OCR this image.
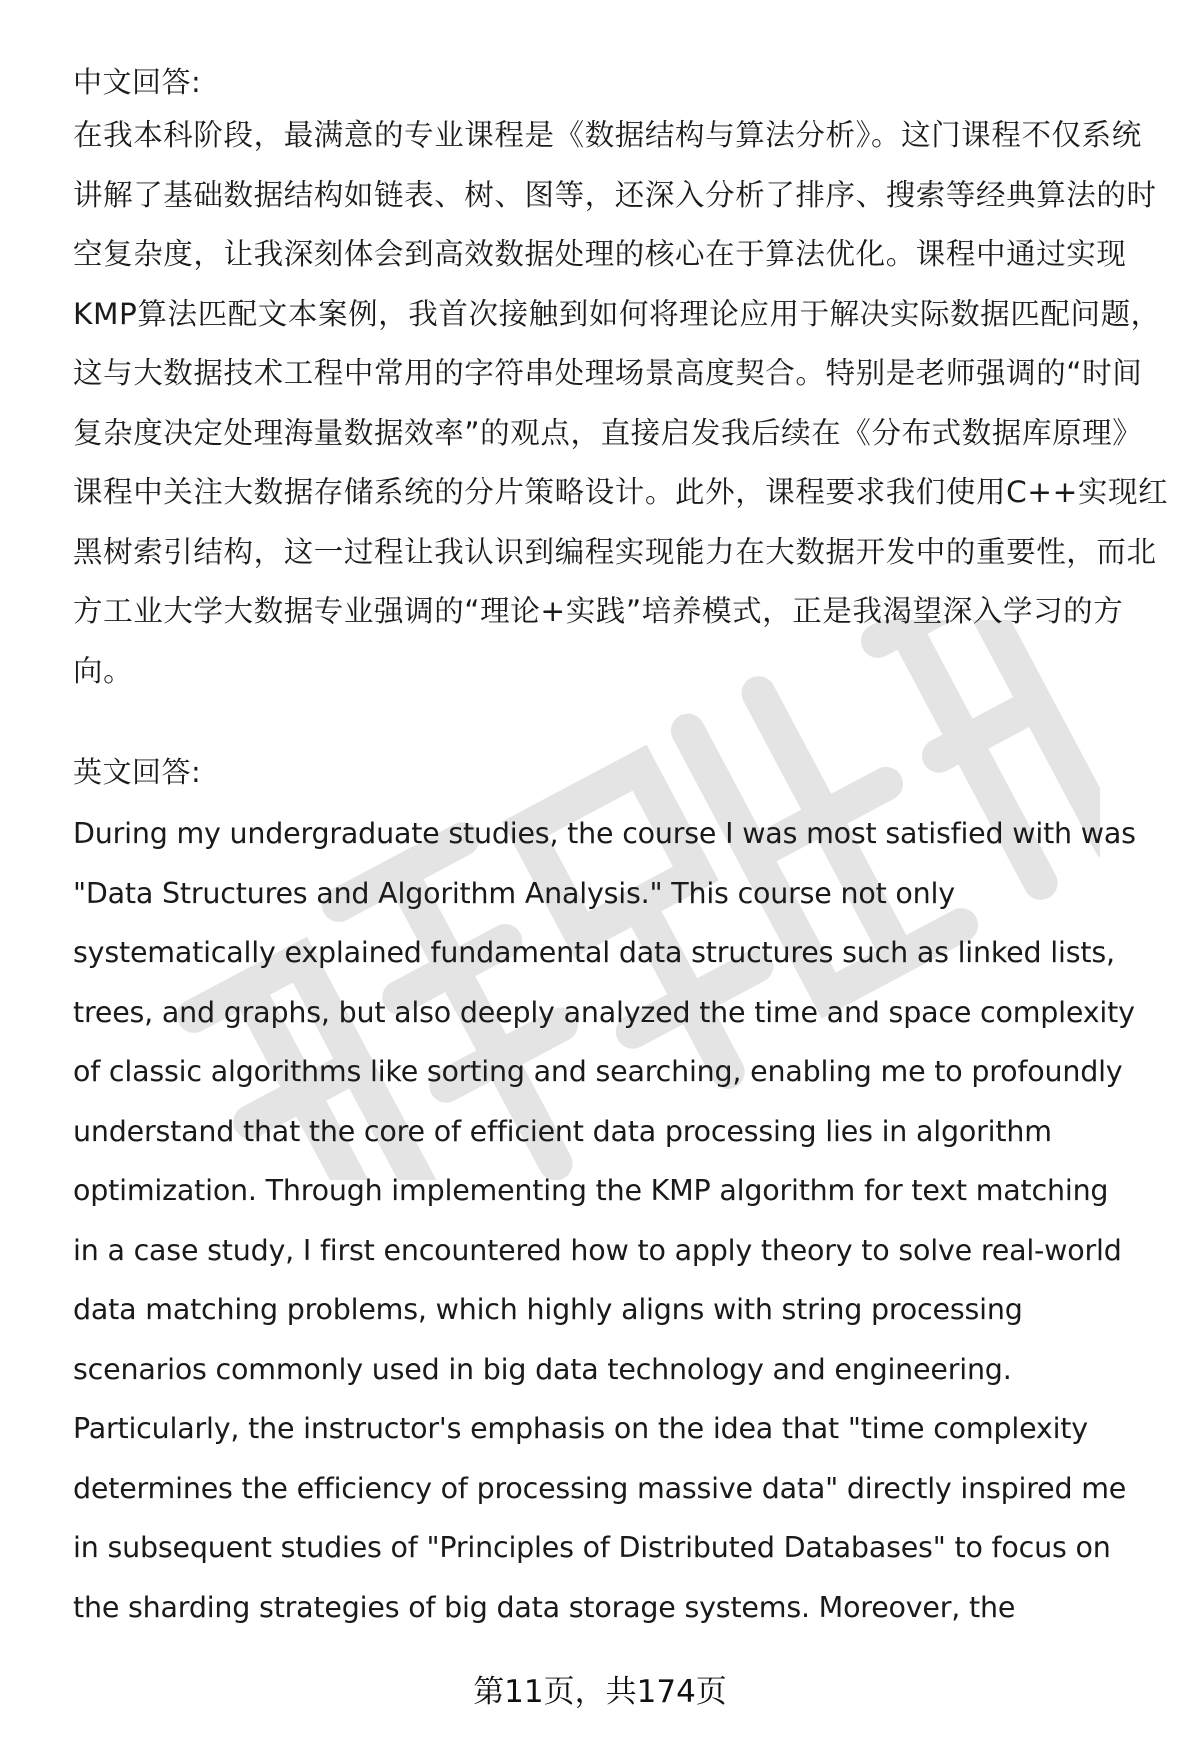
中文回答:

在我本科阶段，最满意的专业课程是《数据结构与算法分析》。这门课程不仅系统
讲解了基础数据结构如链表、树、图等，还深入分析了排序、搜索等经典算法的时
空复杂度，让我深刻体会到高效数据处理的核心在于算法优化。课程中通过实现
KMP算法匹配文本案例，我首次接触到如何将理论应用于解决实际数据匹配问题，
这与大数据技术工程中常用的字符串处理场景高度契合。特别是老师强调的“时间
复杂度决定处理海量数据效率”的观点，直接启发我后续在《分布式数据库原理》
课程中关注大数据存储系统的分片策略设计。此外，课程要求我们使用C++实现红
黑树索引结构，这一过程让我认识到编程实现能力在大数据开发中的重要性，而北
方工业大学大数据专业强调的“理论+实践”培养模式，正是我渴望深入学习的方
向。

英文回答:

During my undergraduate studies, the course I was most satisfied with was
"Data Structures and Algorithm Analysis." This course not only
systematically explained fundamental data structures such as linked lists,
trees, and graphs, but also deeply analyzed the time and space complexity
of classic algorithms like sorting and searching, enabling me to profoundly
understand that the core of efficient data processing lies in algorithm
optimization. Through implementing the KMP algorithm for text matching
in a case study, I first encountered how to apply theory to solve real-world
data matching problems, which highly aligns with string processing
scenarios commonly used in big data technology and engineering.
Particularly, the instructor's emphasis on the idea that "time complexity
determines the efficiency of processing massive data" directly inspired me
in subsequent studies of "Principles of Distributed Databases" to focus on
the sharding strategies of big data storage systems. Moreover, the

第11页，共174页
